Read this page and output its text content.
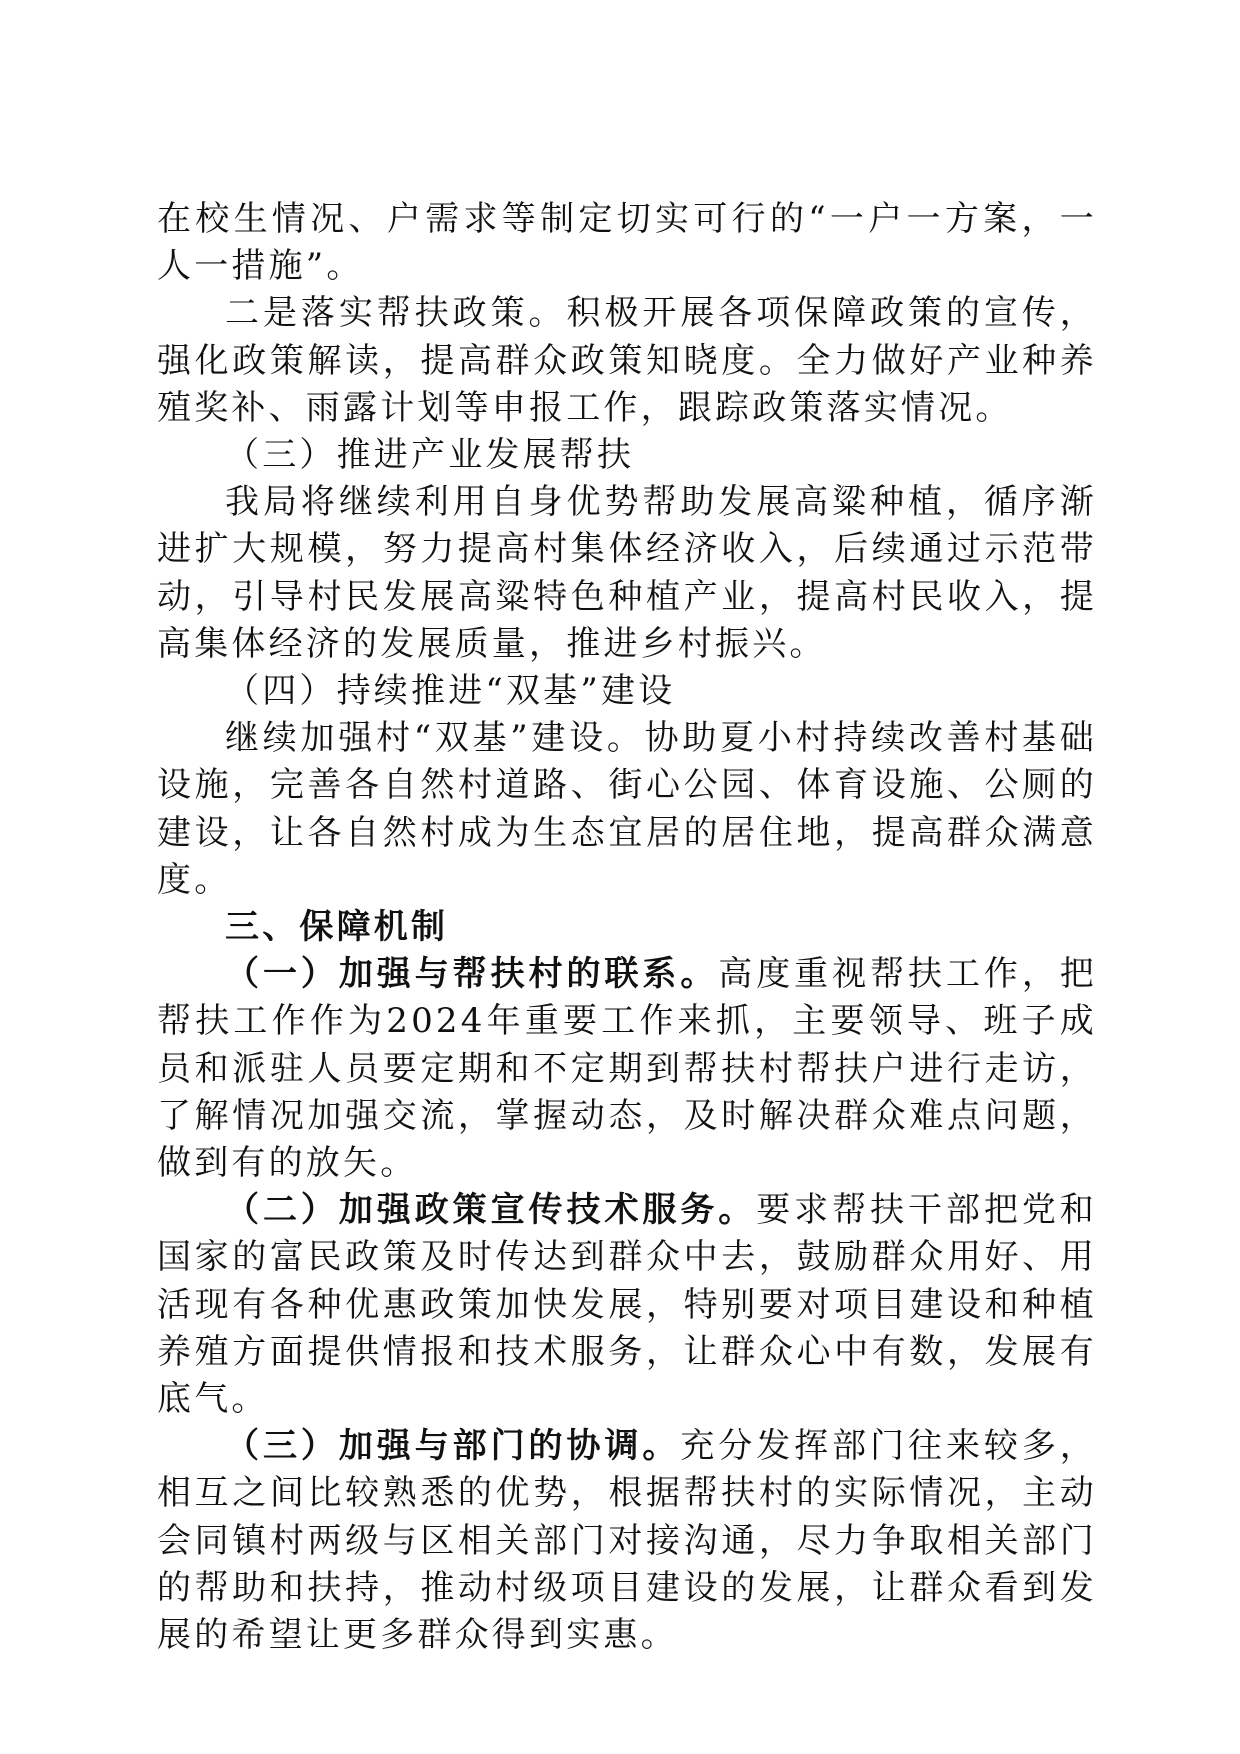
在校生情况、户需求等制定切实可行的“一户一方案，一人一措施”。

二是落实帮扶政策。积极开展各项保障政策的宣传，强化政策解读，提高群众政策知晓度。全力做好产业种养殖奖补、雨露计划等申报工作，跟踪政策落实情况。

（三）推进产业发展帮扶

我局将继续利用自身优势帮助发展高粱种植，循序渐进扩大规模，努力提高村集体经济收入，后续通过示范带动，引导村民发展高粱特色种植产业，提高村民收入，提高集体经济的发展质量，推进乡村振兴。

（四）持续推进“双基”建设

继续加强村“双基”建设。协助夏小村持续改善村基础设施，完善各自然村道路、街心公园、体育设施、公厕的建设，让各自然村成为生态宜居的居住地，提高群众满意度。

三、保障机制

（一）加强与帮扶村的联系。高度重视帮扶工作，把帮扶工作作为2024年重要工作来抓，主要领导、班子成员和派驻人员要定期和不定期到帮扶村帮扶户进行走访，了解情况加强交流，掌握动态，及时解决群众难点问题，做到有的放矢。

（二）加强政策宣传技术服务。要求帮扶干部把党和国家的富民政策及时传达到群众中去，鼓励群众用好、用活现有各种优惠政策加快发展，特别要对项目建设和种植养殖方面提供情报和技术服务，让群众心中有数，发展有底气。

（三）加强与部门的协调。充分发挥部门往来较多，相互之间比较熟悉的优势，根据帮扶村的实际情况，主动会同镇村两级与区相关部门对接沟通，尽力争取相关部门的帮助和扶持，推动村级项目建设的发展，让群众看到发展的希望让更多群众得到实惠。
